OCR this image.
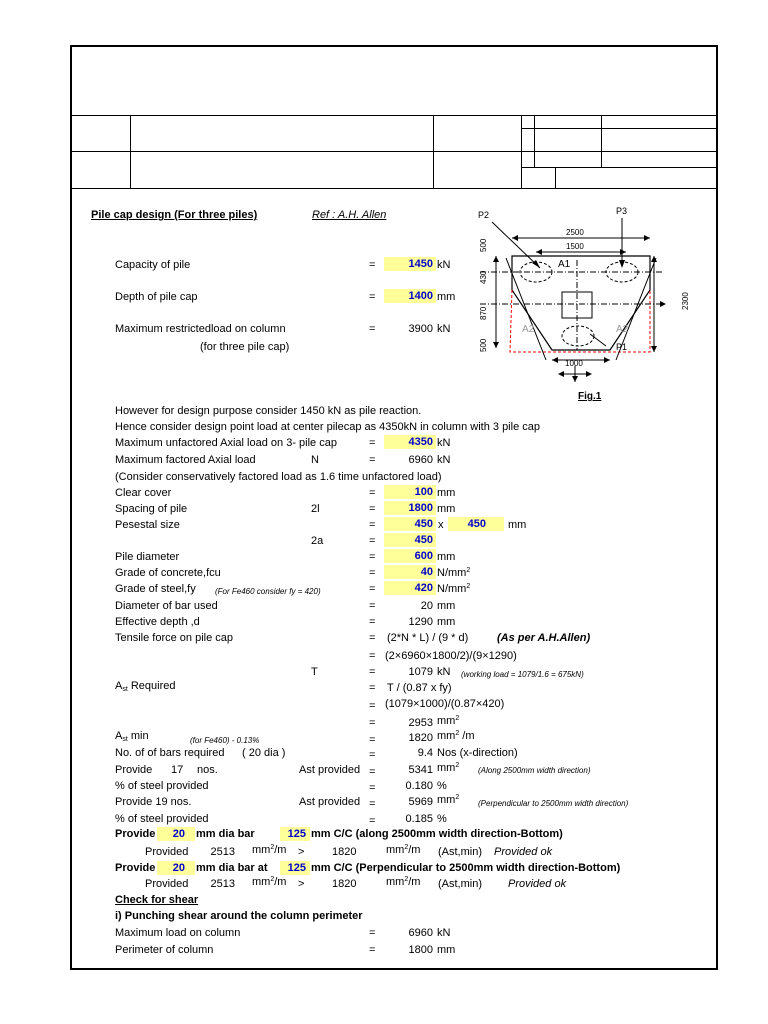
Pile cap design (For three piles)	Ref : A.H. Allen	P2	P3
2500
1500
2300
500
430
870
500
A1
A2	A2
P1
1000
Fig.1
Capacity of pile	=	1450 kN
Depth of pile cap	=	1400 mm
Maximum restrictedload on column	=	3900 kN
(for three pile cap)
However for design purpose consider 1450 kN as pile reaction.
Hence consider design point load at center pilecap as 4350kN in column with 3 pile cap
Maximum unfactored Axial load on 3- pile cap	=	4350 kN
Maximum factored Axial load	N	=	6960 kN
(Consider conservatively factored load as 1.6 time unfactored load)
Clear cover	=	100 mm
Spacing of pile	2l	=	1800 mm
Pesestal size	=	450 x	450 mm
2a	=	450
Pile diameter	=	600 mm
Grade of concrete,fcu	=	40 $N/mm^2$
Grade of steel,fy (For Fe460 consider fy = 420)	=	420 $N/mm^2$
Diameter of bar used	=	20 mm
Effective depth ,d	=	1290 mm
Tensile force on pile cap	= (2*N * L) / (9 * d)	(As per A.H.Allen)
= (2×6960×1800/2)/(9×1290)
T	=	1079 kN (working load = 1079/1.6 = 675kN)
$A_{st}$ Required	= T / (0.87 x fy)
= (1079×1000)/(0.87×420)
=	2953 $mm^2$
$A_{st}$ min	(for Fe460) - 0.13%	=	1820 $mm^2$ /m
No. of of bars required ( 20 dia )	=	9.4 Nos (x-direction)
Provide 17 nos.	Ast provided =	5341 $mm^2$
(Along 2500mm width direction)
% of steel provided	=	0.180 %
Provide 19 nos.	Ast provided =	5969 $mm^2$
(Perpendicular to 2500mm width direction)
% of steel provided	=	0.185 %
Provide	20 mm dia bar	125 mm C/C (along 2500mm width direction-Bottom)
Provided	2513 $mm^2/m$ >	1820	$mm^2/m$ (Ast,min) Provided ok
Provide	20 mm dia bar at	125 mm C/C (Perpendicular to 2500mm width direction-Bottom)
Provided	2513 $mm^2/m$ >	1820	$mm^2/m$ (Ast,min) Provided ok
Check for shear
i) Punching shear around the column perimeter
Maximum load on column	=	6960 kN
Perimeter of column	=	1800 mm
